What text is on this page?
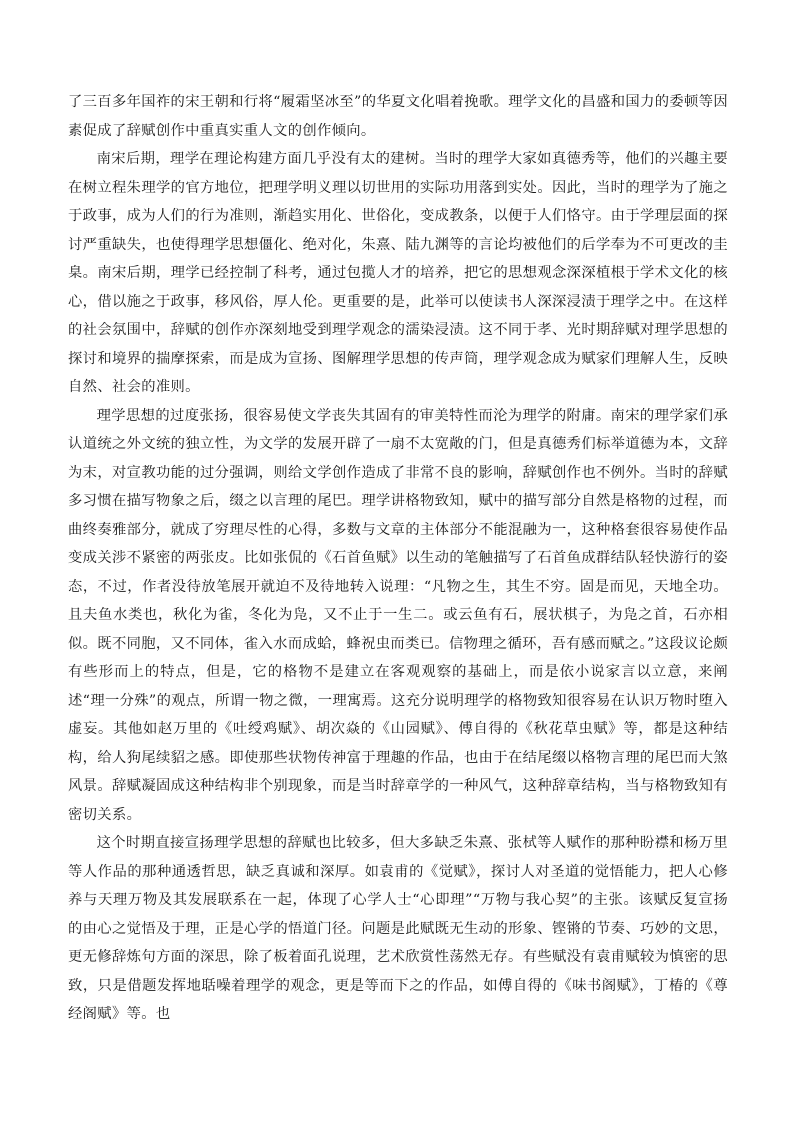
了三百多年国祚的宋王朝和行将“履霜坚冰至”的华夏文化唱着挽歌。理学文化的昌盛和国力的委顿等因素促成了辞赋创作中重真实重人文的创作倾向。

南宋后期，理学在理论构建方面几乎没有太的建树。当时的理学大家如真德秀等，他们的兴趣主要在树立程朱理学的官方地位，把理学明义理以切世用的实际功用落到实处。因此，当时的理学为了施之于政事，成为人们的行为准则，渐趋实用化、世俗化，变成教条，以便于人们恪守。由于学理层面的探讨严重缺失，也使得理学思想僵化、绝对化，朱熹、陆九渊等的言论均被他们的后学奉为不可更改的圭臬。南宋后期，理学已经控制了科考，通过包揽人才的培养，把它的思想观念深深植根于学术文化的核心，借以施之于政事，移风俗，厚人伦。更重要的是，此举可以使读书人深深浸渍于理学之中。在这样的社会氛围中，辞赋的创作亦深刻地受到理学观念的濡染浸渍。这不同于孝、光时期辞赋对理学思想的探讨和境界的揣摩探索，而是成为宣扬、图解理学思想的传声筒，理学观念成为赋家们理解人生，反映自然、社会的准则。

理学思想的过度张扬，很容易使文学丧失其固有的审美特性而沦为理学的附庸。南宋的理学家们承认道统之外文统的独立性，为文学的发展开辟了一扇不太宽敞的门，但是真德秀们标举道德为本，文辞为末，对宣教功能的过分强调，则给文学创作造成了非常不良的影响，辞赋创作也不例外。当时的辞赋多习惯在描写物象之后，缀之以言理的尾巴。理学讲格物致知，赋中的描写部分自然是格物的过程，而曲终奏雅部分，就成了穷理尽性的心得，多数与文章的主体部分不能混融为一，这种格套很容易使作品变成关涉不紧密的两张皮。比如张侃的《石首鱼赋》以生动的笔触描写了石首鱼成群结队轻快游行的姿态，不过，作者没待放笔展开就迫不及待地转入说理：“凡物之生，其生不穷。固是而见，天地全功。且夫鱼水类也，秋化为雀，冬化为凫，又不止于一生二。或云鱼有石，展状棋子，为凫之首，石亦相似。既不同胞，又不同体，雀入水而成蛤，蜂祝虫而类已。信物理之循环，吾有感而赋之。”这段议论颇有些形而上的特点，但是，它的格物不是建立在客观观察的基础上，而是依小说家言以立意，来阐述“理一分殊”的观点，所谓一物之微，一理寓焉。这充分说明理学的格物致知很容易在认识万物时堕入虚妄。其他如赵万里的《吐绶鸡赋》、胡次焱的《山园赋》、傅自得的《秋花草虫赋》等，都是这种结构，给人狗尾续貂之感。即使那些状物传神富于理趣的作品，也由于在结尾缀以格物言理的尾巴而大煞风景。辞赋凝固成这种结构非个别现象，而是当时辞章学的一种风气，这种辞章结构，当与格物致知有密切关系。

这个时期直接宣扬理学思想的辞赋也比较多，但大多缺乏朱熹、张栻等人赋作的那种盼襟和杨万里等人作品的那种通透哲思，缺乏真诚和深厚。如袁甫的《觉赋》，探讨人对圣道的觉悟能力，把人心修养与天理万物及其发展联系在一起，体现了心学人士“心即理”“万物与我心契”的主张。该赋反复宣扬的由心之觉悟及于理，正是心学的悟道门径。问题是此赋既无生动的形象、铿锵的节奏、巧妙的文思，更无修辞炼句方面的深思，除了板着面孔说理，艺术欣赏性荡然无存。有些赋没有袁甫赋较为慎密的思致，只是借题发挥地聒噪着理学的观念，更是等而下之的作品，如傅自得的《味书阁赋》，丁椿的《尊经阁赋》等。也
